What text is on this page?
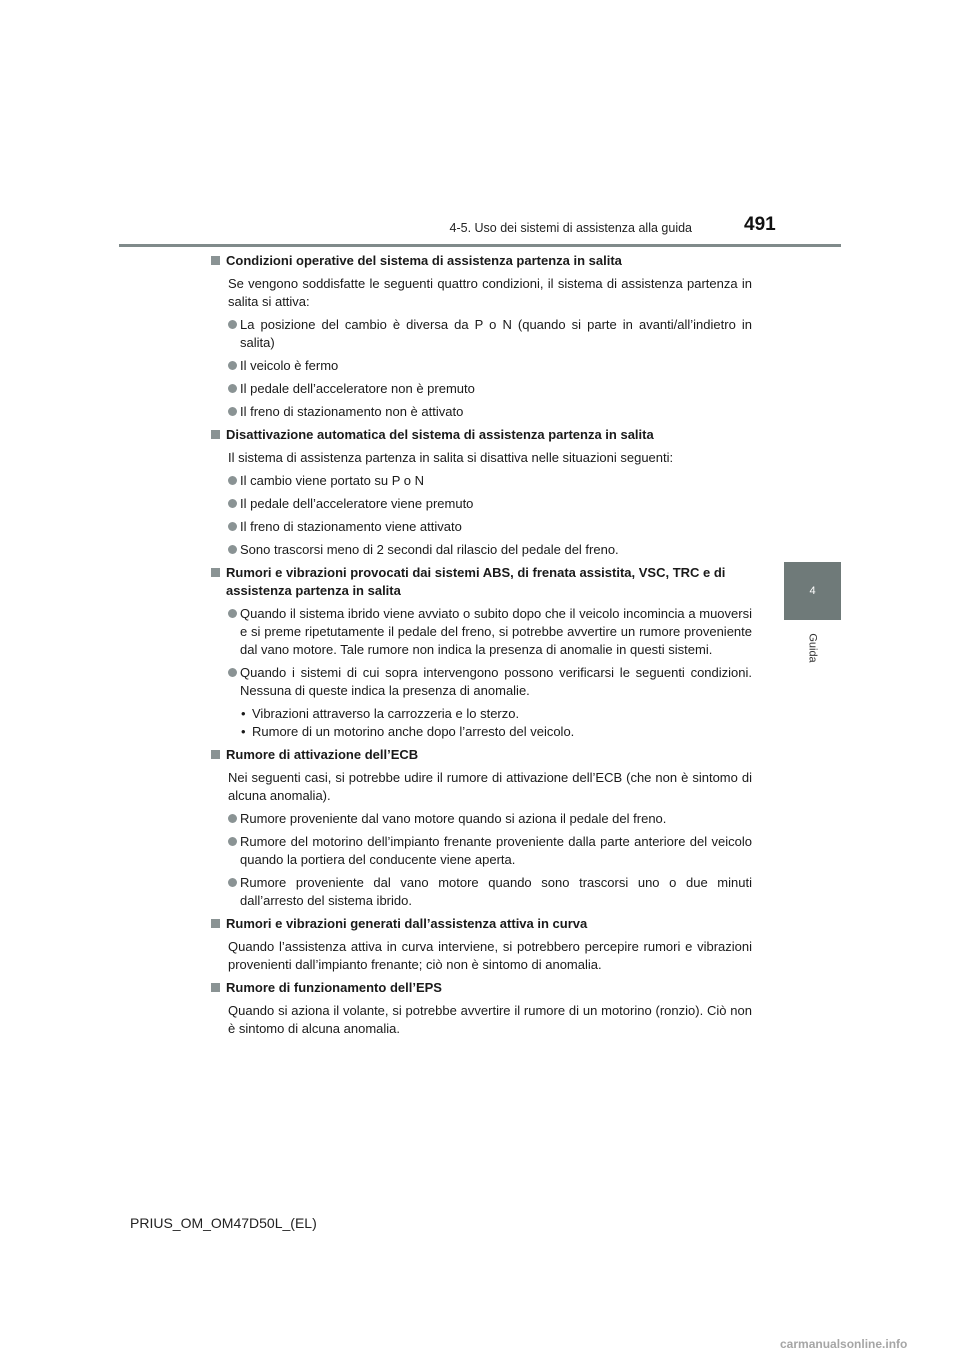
4-5. Uso dei sistemi di assistenza alla guida	491
4
Guida
Condizioni operative del sistema di assistenza partenza in salita
Se vengono soddisfatte le seguenti quattro condizioni, il sistema di assistenza partenza in salita si attiva:
La posizione del cambio è diversa da P o N (quando si parte in avanti/all’indietro in salita)
Il veicolo è fermo
Il pedale dell’acceleratore non è premuto
Il freno di stazionamento non è attivato
Disattivazione automatica del sistema di assistenza partenza in salita
Il sistema di assistenza partenza in salita si disattiva nelle situazioni seguenti:
Il cambio viene portato su P o N
Il pedale dell’acceleratore viene premuto
Il freno di stazionamento viene attivato
Sono trascorsi meno di 2 secondi dal rilascio del pedale del freno.
Rumori e vibrazioni provocati dai sistemi ABS, di frenata assistita, VSC, TRC e di assistenza partenza in salita
Quando il sistema ibrido viene avviato o subito dopo che il veicolo incomincia a muoversi e si preme ripetutamente il pedale del freno, si potrebbe avvertire un rumore proveniente dal vano motore. Tale rumore non indica la presenza di anomalie in questi sistemi.
Quando i sistemi di cui sopra intervengono possono verificarsi le seguenti condizioni. Nessuna di queste indica la presenza di anomalie.
• Vibrazioni attraverso la carrozzeria e lo sterzo.
• Rumore di un motorino anche dopo l’arresto del veicolo.
Rumore di attivazione dell’ECB
Nei seguenti casi, si potrebbe udire il rumore di attivazione dell’ECB (che non è sintomo di alcuna anomalia).
Rumore proveniente dal vano motore quando si aziona il pedale del freno.
Rumore del motorino dell’impianto frenante proveniente dalla parte anteriore del veicolo quando la portiera del conducente viene aperta.
Rumore proveniente dal vano motore quando sono trascorsi uno o due minuti dall’arresto del sistema ibrido.
Rumori e vibrazioni generati dall’assistenza attiva in curva
Quando l’assistenza attiva in curva interviene, si potrebbero percepire rumori e vibrazioni provenienti dall’impianto frenante; ciò non è sintomo di anomalia.
Rumore di funzionamento dell’EPS
Quando si aziona il volante, si potrebbe avvertire il rumore di un motorino (ronzio). Ciò non è sintomo di alcuna anomalia.
PRIUS_OM_OM47D50L_(EL)
carmanualsonline.info
